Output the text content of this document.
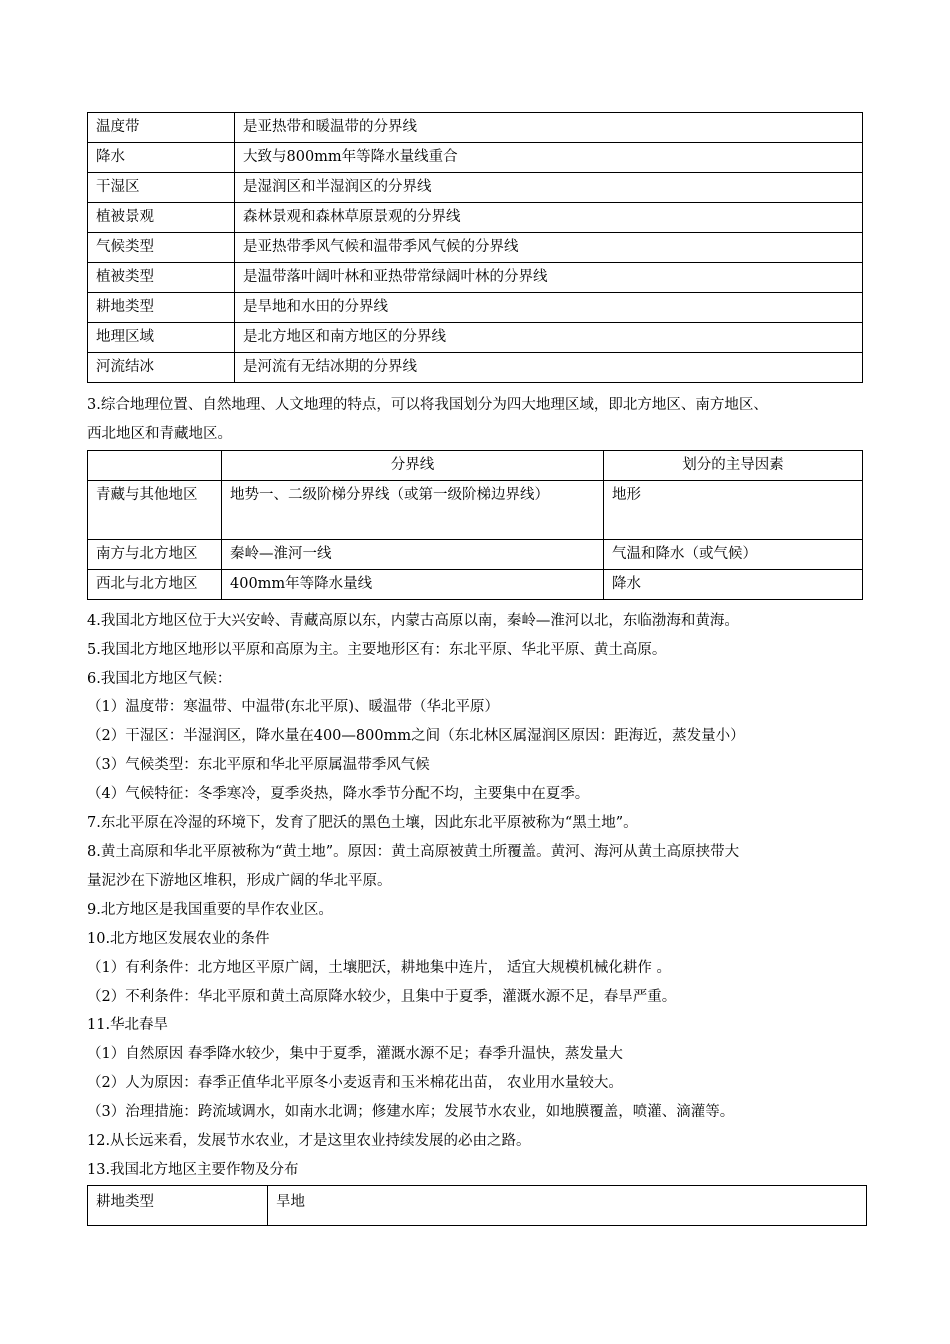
温度带	是亚热带和暖温带的分界线
降水	大致与800mm年等降水量线重合
干湿区	是湿润区和半湿润区的分界线
植被景观	森林景观和森林草原景观的分界线
气候类型	是亚热带季风气候和温带季风气候的分界线
植被类型	是温带落叶阔叶林和亚热带常绿阔叶林的分界线
耕地类型	是旱地和水田的分界线
地理区域	是北方地区和南方地区的分界线
河流结冰	是河流有无结冰期的分界线
3.综合地理位置、自然地理、人文地理的特点，可以将我国划分为四大地理区域，即北方地区、南方地区、
西北地区和青藏地区。
	分界线	划分的主导因素
青藏与其他地区	地势一、二级阶梯分界线（或第一级阶梯边界线）	地形
南方与北方地区	秦岭—淮河一线	气温和降水（或气候）
西北与北方地区	400mm年等降水量线	降水
4.我国北方地区位于大兴安岭、青藏高原以东，内蒙古高原以南，秦岭—淮河以北，东临渤海和黄海。
5.我国北方地区地形以平原和高原为主。主要地形区有：东北平原、华北平原、黄土高原。
6.我国北方地区气候：
（1）温度带：寒温带、中温带(东北平原)、暖温带（华北平原）
（2）干湿区：半湿润区，降水量在400—800mm之间（东北林区属湿润区原因：距海近，蒸发量小）
（3）气候类型：东北平原和华北平原属温带季风气候
（4）气候特征：冬季寒冷，夏季炎热，降水季节分配不均，主要集中在夏季。
7.东北平原在冷湿的环境下，发育了肥沃的黑色土壤，因此东北平原被称为“黑土地”。
8.黄土高原和华北平原被称为“黄土地”。原因：黄土高原被黄土所覆盖。黄河、海河从黄土高原挟带大
量泥沙在下游地区堆积，形成广阔的华北平原。
9.北方地区是我国重要的旱作农业区。
10.北方地区发展农业的条件
（1）有利条件：北方地区平原广阔，土壤肥沃，耕地集中连片， 适宜大规模机械化耕作 。
（2）不利条件：华北平原和黄土高原降水较少，且集中于夏季，灌溉水源不足，春旱严重。
11.华北春旱
（1）自然原因 春季降水较少，集中于夏季，灌溉水源不足；春季升温快，蒸发量大
（2）人为原因：春季正值华北平原冬小麦返青和玉米棉花出苗， 农业用水量较大。
（3）治理措施：跨流域调水，如南水北调；修建水库；发展节水农业，如地膜覆盖，喷灌、滴灌等。
12.从长远来看，发展节水农业，才是这里农业持续发展的必由之路。
13.我国北方地区主要作物及分布
耕地类型	旱地
